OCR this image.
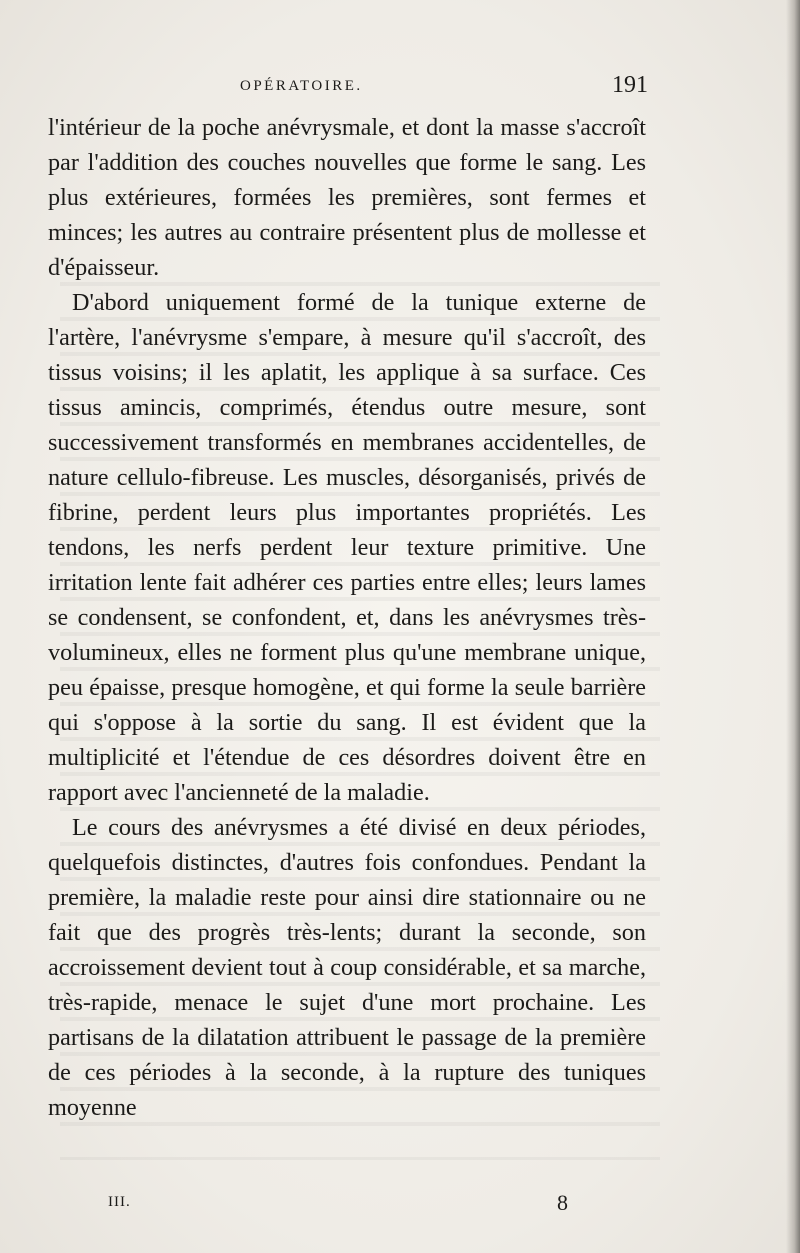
OPÉRATOIRE.	191

l'intérieur de la poche anévrysmale, et dont la masse s'accroît par l'addition des couches nouvelles que forme le sang. Les plus extérieures, formées les premières, sont fermes et minces; les autres au contraire présentent plus de mollesse et d'épaisseur.

D'abord uniquement formé de la tunique externe de l'artère, l'anévrysme s'empare, à mesure qu'il s'accroît, des tissus voisins; il les aplatit, les applique à sa surface. Ces tissus amincis, comprimés, étendus outre mesure, sont successivement transformés en membranes accidentelles, de nature cellulo-fibreuse. Les muscles, désorganisés, privés de fibrine, perdent leurs plus importantes propriétés. Les tendons, les nerfs perdent leur texture primitive. Une irritation lente fait adhérer ces parties entre elles; leurs lames se condensent, se confondent, et, dans les anévrysmes très-volumineux, elles ne forment plus qu'une membrane unique, peu épaisse, presque homogène, et qui forme la seule barrière qui s'oppose à la sortie du sang. Il est évident que la multiplicité et l'étendue de ces désordres doivent être en rapport avec l'ancienneté de la maladie.

Le cours des anévrysmes a été divisé en deux périodes, quelquefois distinctes, d'autres fois confondues. Pendant la première, la maladie reste pour ainsi dire stationnaire ou ne fait que des progrès très-lents; durant la seconde, son accroissement devient tout à coup considérable, et sa marche, très-rapide, menace le sujet d'une mort prochaine. Les partisans de la dilatation attribuent le passage de la première de ces périodes à la seconde, à la rupture des tuniques moyenne

III.	8
